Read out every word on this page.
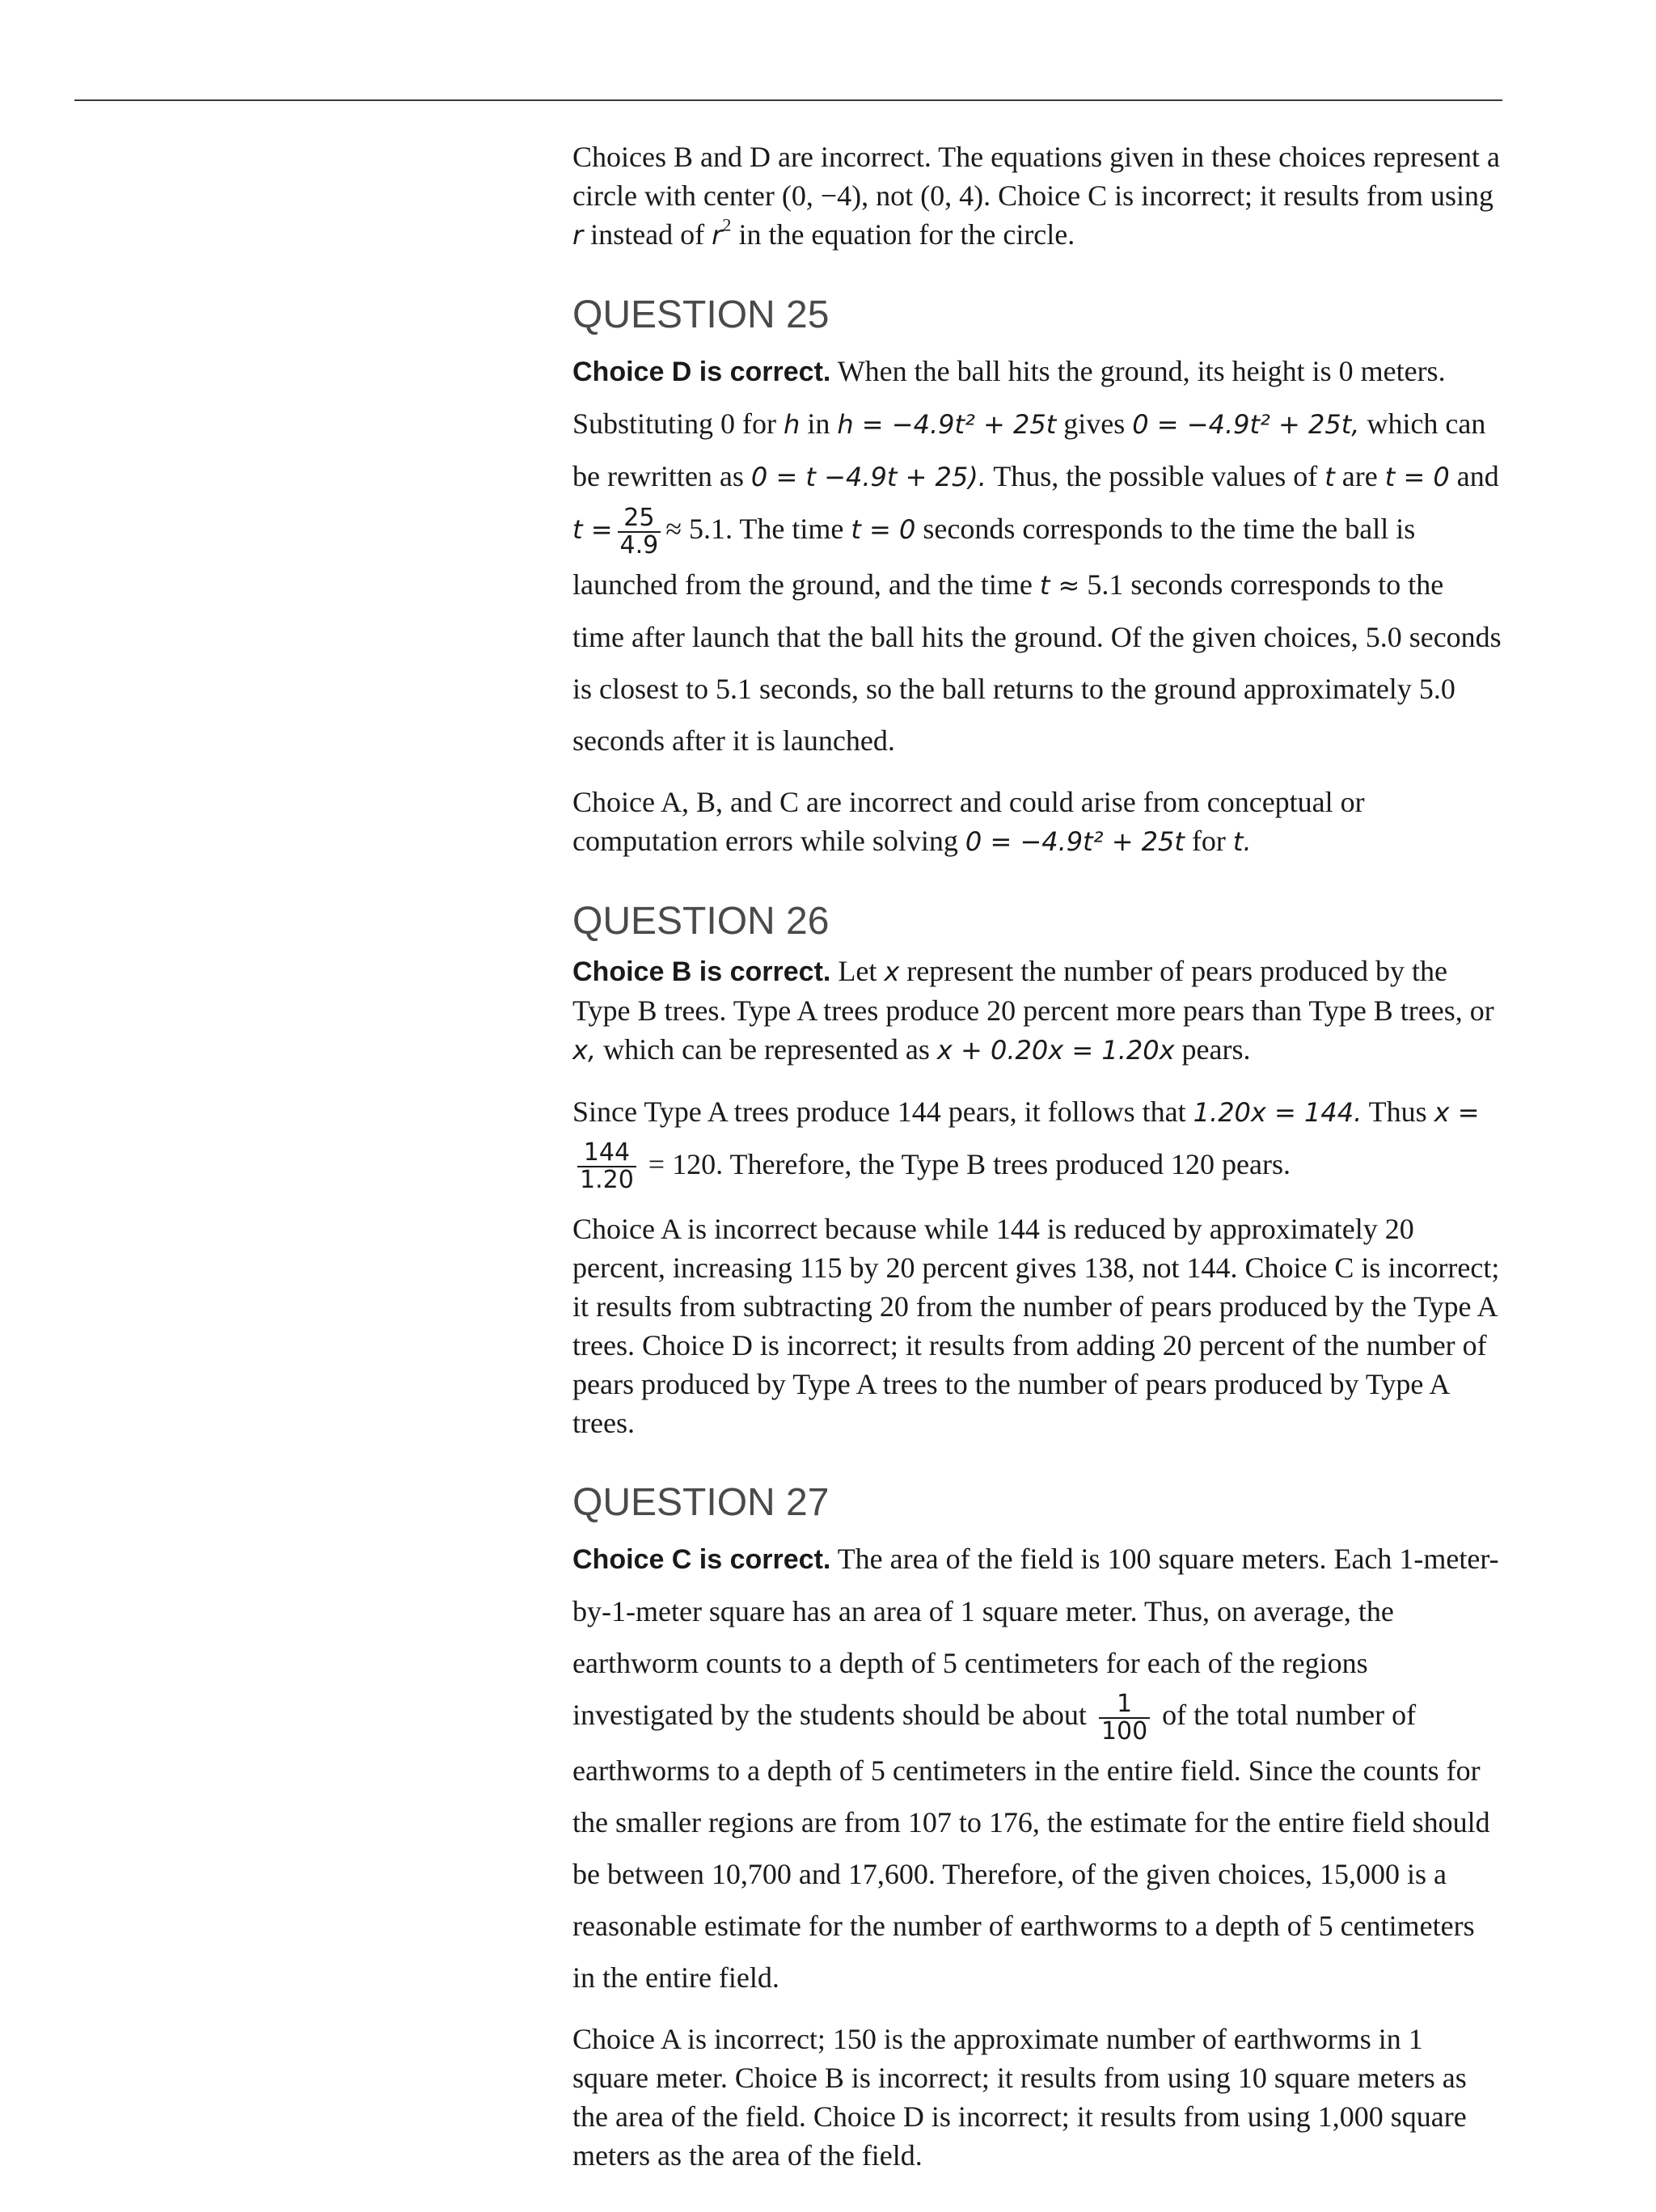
Choices B and D are incorrect. The equations given in these choices represent a circle with center (0, −4), not (0, 4). Choice C is incorrect; it results from using r instead of $r^2$ in the equation for the circle.

QUESTION 25

Choice D is correct. When the ball hits the ground, its height is 0 meters. Substituting 0 for h in h = −4.9t² + 25t gives 0 = −4.9t² + 25t, which can be rewritten as 0 = t −4.9t + 25). Thus, the possible values of t are t = 0 and $t = \frac{25}{4.9} \approx 5.1$. The time t = 0 seconds corresponds to the time the ball is launched from the ground, and the time t ≈ 5.1 seconds corresponds to the time after launch that the ball hits the ground. Of the given choices, 5.0 seconds is closest to 5.1 seconds, so the ball returns to the ground approximately 5.0 seconds after it is launched.

Choice A, B, and C are incorrect and could arise from conceptual or computation errors while solving 0 = −4.9t² + 25t for t.

QUESTION 26

Choice B is correct. Let x represent the number of pears produced by the Type B trees. Type A trees produce 20 percent more pears than Type B trees, or x, which can be represented as x + 0.20x = 1.20x pears.

Since Type A trees produce 144 pears, it follows that 1.20x = 144. Thus x =
$\frac{144}{1.20} = 120$. Therefore, the Type B trees produced 120 pears.

Choice A is incorrect because while 144 is reduced by approximately 20 percent, increasing 115 by 20 percent gives 138, not 144. Choice C is incorrect; it results from subtracting 20 from the number of pears produced by the Type A trees. Choice D is incorrect; it results from adding 20 percent of the number of pears produced by Type A trees to the number of pears produced by Type A trees.

QUESTION 27

Choice C is correct. The area of the field is 100 square meters. Each 1-meter-by-1-meter square has an area of 1 square meter. Thus, on average, the earthworm counts to a depth of 5 centimeters for each of the regions investigated by the students should be about $\frac{1}{100}$ of the total number of earthworms to a depth of 5 centimeters in the entire field. Since the counts for the smaller regions are from 107 to 176, the estimate for the entire field should be between 10,700 and 17,600. Therefore, of the given choices, 15,000 is a reasonable estimate for the number of earthworms to a depth of 5 centimeters in the entire field.

Choice A is incorrect; 150 is the approximate number of earthworms in 1 square meter. Choice B is incorrect; it results from using 10 square meters as the area of the field. Choice D is incorrect; it results from using 1,000 square meters as the area of the field.
